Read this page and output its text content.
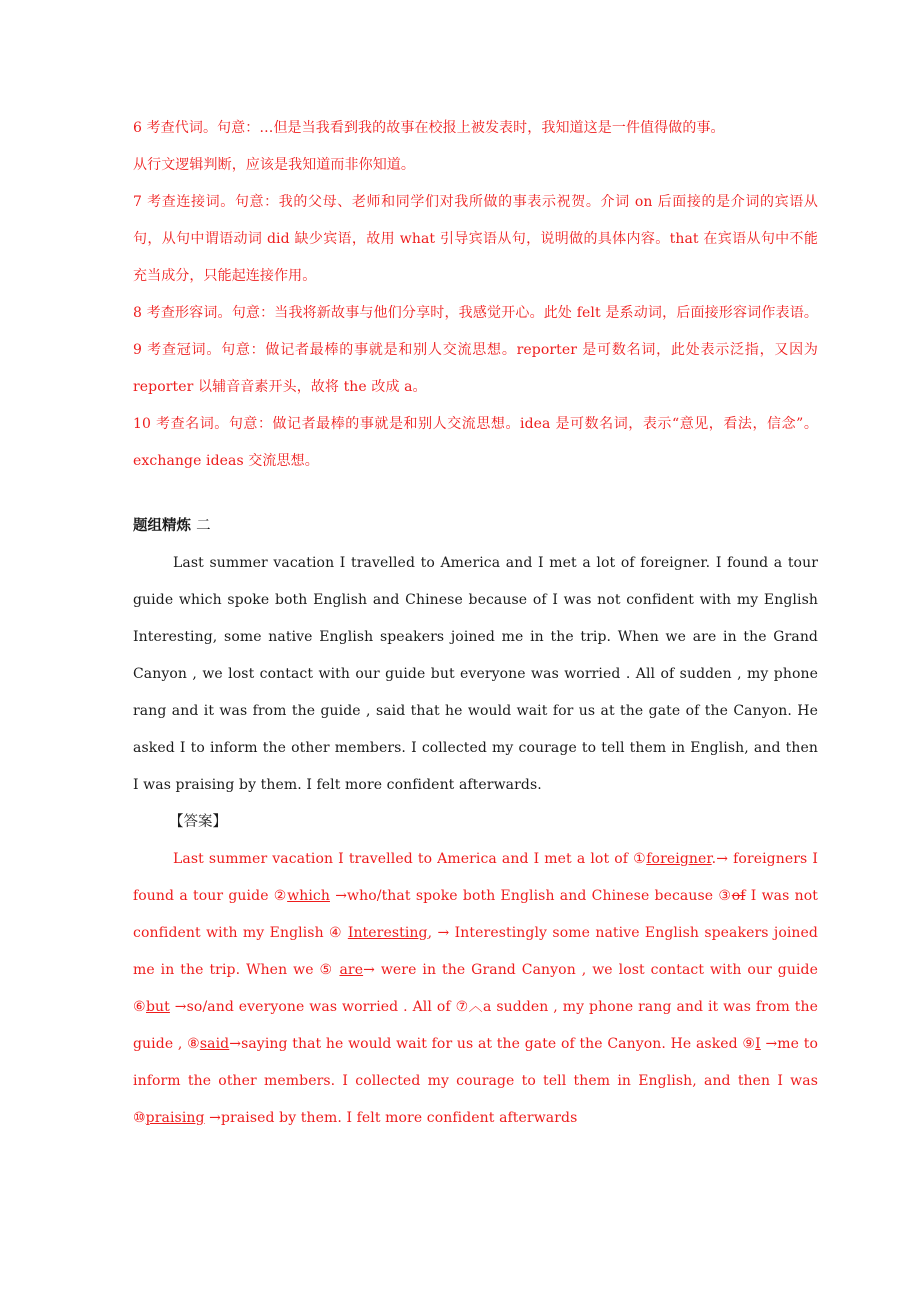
6 考查代词。句意：…但是当我看到我的故事在校报上被发表时，我知道这是一件值得做的事。

从行文逻辑判断，应该是我知道而非你知道。

7 考查连接词。句意：我的父母、老师和同学们对我所做的事表示祝贺。介词 on 后面接的是介词的宾语从句，从句中谓语动词 did 缺少宾语，故用 what 引导宾语从句，说明做的具体内容。that 在宾语从句中不能充当成分，只能起连接作用。

8 考查形容词。句意：当我将新故事与他们分享时，我感觉开心。此处 felt 是系动词，后面接形容词作表语。9 考查冠词。句意：做记者最棒的事就是和别人交流思想。reporter 是可数名词，此处表示泛指，又因为 reporter 以辅音音素开头，故将 the 改成 a。

10 考查名词。句意：做记者最棒的事就是和别人交流思想。idea 是可数名词，表示“意见，看法，信念”。exchange ideas 交流思想。

题组精炼 二

Last summer vacation I travelled to America and I met a lot of foreigner. I found a tour guide which spoke both English and Chinese because of I was not confident with my English Interesting, some native English speakers joined me in the trip. When we are in the Grand Canyon , we lost contact with our guide but everyone was worried . All of sudden , my phone rang and it was from the guide , said that he would wait for us at the gate of the Canyon. He asked I to inform the other members. I collected my courage to tell them in English, and then I was praising by them. I felt more confident afterwards.

【答案】

Last summer vacation I travelled to America and I met a lot of ①foreigner.→ foreigners I found a tour guide ②which →who/that spoke both English and Chinese because ③of I was not confident with my English ④ Interesting, → Interestingly some native English speakers joined me in the trip. When we ⑤ are→ were in the Grand Canyon , we lost contact with our guide ⑥but →so/and everyone was worried . All of ⑦︿a sudden , my phone rang and it was from the guide , ⑧said→saying that he would wait for us at the gate of the Canyon. He asked ⑨I →me to inform the other members. I collected my courage to tell them in English, and then I was ⑩praising →praised by them. I felt more confident afterwards
